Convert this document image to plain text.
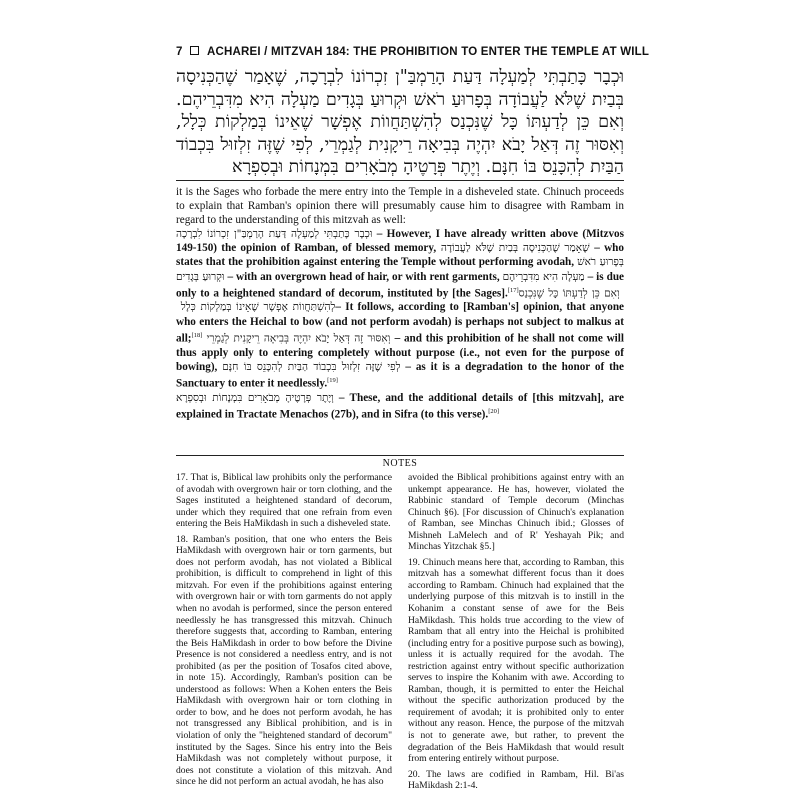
7 ACHAREI / MITZVAH 184: THE PROHIBITION TO ENTER THE TEMPLE AT WILL

וּכְבָר כָּתַבְתִּי לְמַעְלָה דַּעַת הָרַמְבַּ"ן זִכְרוֹנוֹ לִבְרָכָה, שֶׁאָמַר שֶׁהַכְּנִיסָה בְּבַיִת שֶׁלֹּא לַעֲבוֹדָה בְּפָרוּעַ רֹאשׁ וּקְרוּעַ בְּגָדִים מַעְלָה הִיא מִדִּבְרֵיהֶם. וְאִם כֵּן לְדַעְתּוֹ כָּל שֶׁנִּכְנַס לְהִשְׁתַּחֲווֹת אֶפְשָׁר שֶׁאֵינוֹ בְּמַלְקוֹת כְּלָל, וְאִסּוּר זֶה דְּאַל יָבֹא יִהְיֶה בְּבִיאָה רֵיקָנִית לְגַמְרֵי, לְפִי שֶׁזֶּה זִלְזוּל בִּכְבוֹד הַבַּיִת לְהִכָּנֵס בּוֹ חִנָּם. וְיֶתֶר פְּרָטֶיהָ מְבֹאָרִים בִּמְנָחוֹת וּבְסִפְרָא

it is the Sages who forbade the mere entry into the Temple in a disheveled state. Chinuch proceeds to explain that Ramban's opinion there will presumably cause him to disagree with Rambam in regard to the understanding of this mitzvah as well:

וּכְבָר כָּתַבְתִּי לְמַעְלָה דַּעַת הָרַמְבַּ"ן זִכְרוֹנוֹ לִבְרָכָה – However, I have already written above (Mitzvos 149-150) the opinion of Ramban, of blessed memory, שֶׁאָמַר שֶׁהַכְּנִיסָה בְּבַיִת שֶׁלֹּא לַעֲבוֹדָה – who states that the prohibition against entering the Temple without performing avodah, בְּפָרוּעַ רֹאשׁ וּקְרוּעַ בְּגָדִים – with an overgrown head of hair, or with rent garments, מַעְלָה הִיא מִדִּבְרֵיהֶם – is due only to a heightened standard of decorum, instituted by [the Sages].[17] וְאִם כֵּן לְדַעְתּוֹ כָּל שֶׁנִּכְנַס לְהִשְׁתַּחֲווֹת אֶפְשָׁר שֶׁאֵינוֹ בְּמַלְקוֹת כְּלָל – It follows, according to [Ramban's] opinion, that anyone who enters the Heichal to bow (and not perform avodah) is perhaps not subject to malkus at all;[18] וְאִסּוּר זֶה דְּאַל יָבֹא יִהְיֶה בְּבִיאָה רֵיקָנִית לְגַמְרֵי – and this prohibition of he shall not come will thus apply only to entering completely without purpose (i.e., not even for the purpose of bowing), לְפִי שֶׁזֶּה זִלְזוּל בִּכְבוֹד הַבַּיִת לְהִכָּנֵס בּוֹ חִנָּם – as it is a degradation to the honor of the Sanctuary to enter it needlessly.[19]

וְיֶתֶר פְּרָטֶיהָ מְבֹאָרִים בִּמְנָחוֹת וּבְסִפְרָא – These, and the additional details of [this mitzvah], are explained in Tractate Menachos (27b), and in Sifra (to this verse).[20]

NOTES

17. That is, Biblical law prohibits only the performance of avodah with overgrown hair or torn clothing, and the Sages instituted a heightened standard of decorum, under which they required that one refrain from even entering the Beis HaMikdash in such a disheveled state.

18. Ramban's position, that one who enters the Beis HaMikdash with overgrown hair or torn garments, but does not perform avodah, has not violated a Biblical prohibition, is difficult to comprehend in light of this mitzvah. For even if the prohibitions against entering with overgrown hair or with torn garments do not apply when no avodah is performed, since the person entered needlessly he has transgressed this mitzvah. Chinuch therefore suggests that, according to Ramban, entering the Beis HaMikdash in order to bow before the Divine Presence is not considered a needless entry, and is not prohibited (as per the position of Tosafos cited above, in note 15). Accordingly, Ramban's position can be understood as follows: When a Kohen enters the Beis HaMikdash with overgrown hair or torn clothing in order to bow, and he does not perform avodah, he has not transgressed any Biblical prohibition, and is in violation of only the "heightened standard of decorum" instituted by the Sages. Since his entry into the Beis HaMikdash was not completely without purpose, it does not constitute a violation of this mitzvah. And since he did not perform an actual avodah, he has also

avoided the Biblical prohibitions against entry with an unkempt appearance. He has, however, violated the Rabbinic standard of Temple decorum (Minchas Chinuch §6). [For discussion of Chinuch's explanation of Ramban, see Minchas Chinuch ibid.; Glosses of Mishneh LaMelech and of R' Yeshayah Pik; and Minchas Yitzchak §5.]

19. Chinuch means here that, according to Ramban, this mitzvah has a somewhat different focus than it does according to Rambam. Chinuch had explained that the underlying purpose of this mitzvah is to instill in the Kohanim a constant sense of awe for the Beis HaMikdash. This holds true according to the view of Rambam that all entry into the Heichal is prohibited (including entry for a positive purpose such as bowing), unless it is actually required for the avodah. The restriction against entry without specific authorization serves to inspire the Kohanim with awe. According to Ramban, though, it is permitted to enter the Heichal without the specific authorization produced by the requirement of avodah; it is prohibited only to enter without any reason. Hence, the purpose of the mitzvah is not to generate awe, but rather, to prevent the degradation of the Beis HaMikdash that would result from entering entirely without purpose.

20. The laws are codified in Rambam, Hil. Bi'as HaMikdash 2:1-4.
